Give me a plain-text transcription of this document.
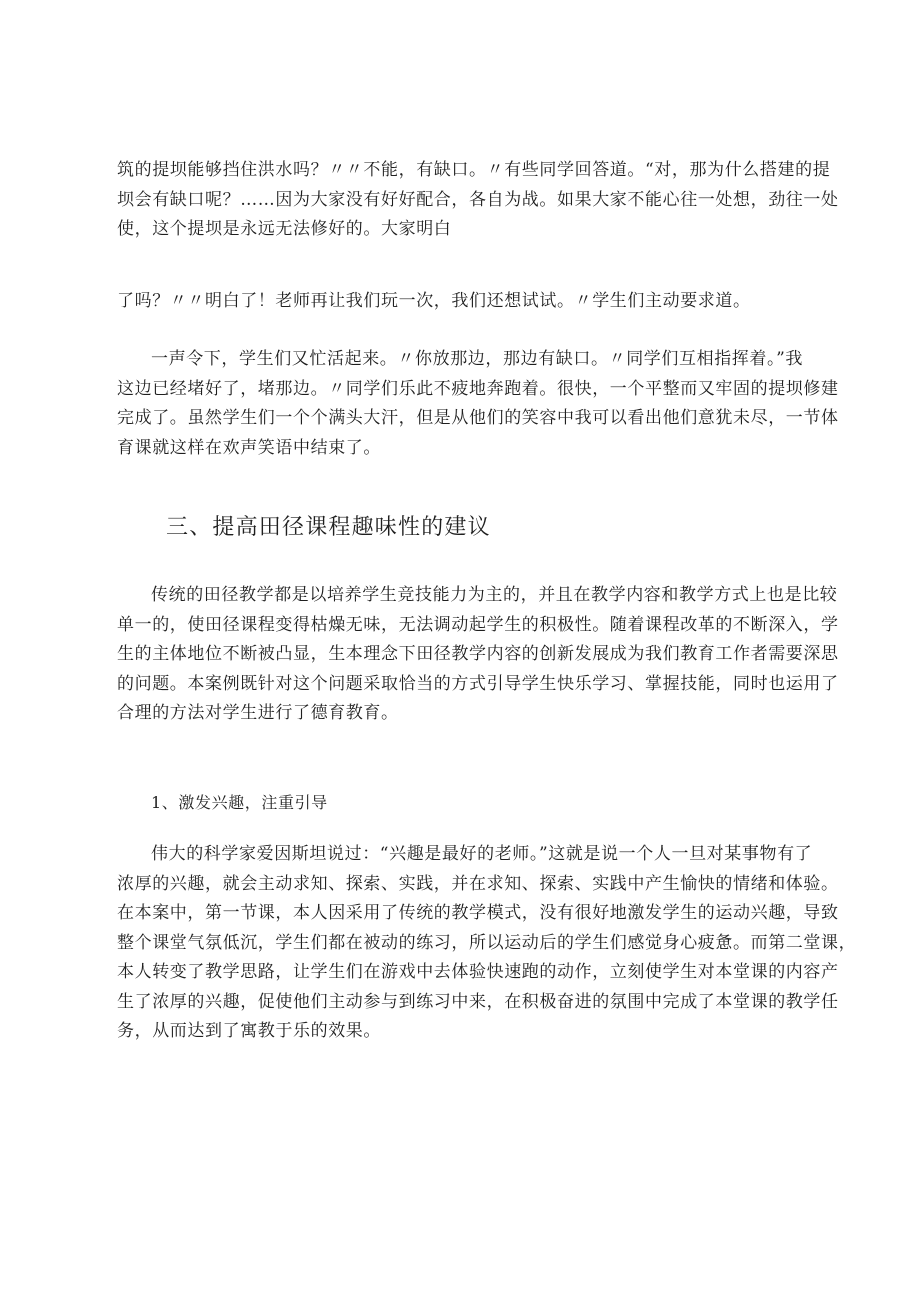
筑的提坝能够挡住洪水吗？〃〃不能，有缺口。〃有些同学回答道。“对，那为什么搭建的提
坝会有缺口呢？……因为大家没有好好配合，各自为战。如果大家不能心往一处想，劲往一处
使，这个提坝是永远无法修好的。大家明白

了吗？〃〃明白了！老师再让我们玩一次，我们还想试试。〃学生们主动要求道。

一声令下，学生们又忙活起来。〃你放那边，那边有缺口。〃同学们互相指挥着。”我
这边已经堵好了，堵那边。〃同学们乐此不疲地奔跑着。很快，一个平整而又牢固的提坝修建
完成了。虽然学生们一个个满头大汗，但是从他们的笑容中我可以看出他们意犹未尽，一节体
育课就这样在欢声笑语中结束了。

三、提高田径课程趣味性的建议

传统的田径教学都是以培养学生竞技能力为主的，并且在教学内容和教学方式上也是比较
单一的，使田径课程变得枯燥无味，无法调动起学生的积极性。随着课程改革的不断深入，学
生的主体地位不断被凸显，生本理念下田径教学内容的创新发展成为我们教育工作者需要深思
的问题。本案例既针对这个问题采取恰当的方式引导学生快乐学习、掌握技能，同时也运用了
合理的方法对学生进行了德育教育。

1、激发兴趣，注重引导

伟大的科学家爱因斯坦说过：“兴趣是最好的老师。”这就是说一个人一旦对某事物有了
浓厚的兴趣，就会主动求知、探索、实践，并在求知、探索、实践中产生愉快的情绪和体验。
在本案中，第一节课，本人因采用了传统的教学模式，没有很好地激发学生的运动兴趣，导致
整个课堂气氛低沉，学生们都在被动的练习，所以运动后的学生们感觉身心疲惫。而第二堂课，
本人转变了教学思路，让学生们在游戏中去体验快速跑的动作，立刻使学生对本堂课的内容产
生了浓厚的兴趣，促使他们主动参与到练习中来，在积极奋进的氛围中完成了本堂课的教学任
务，从而达到了寓教于乐的效果。
